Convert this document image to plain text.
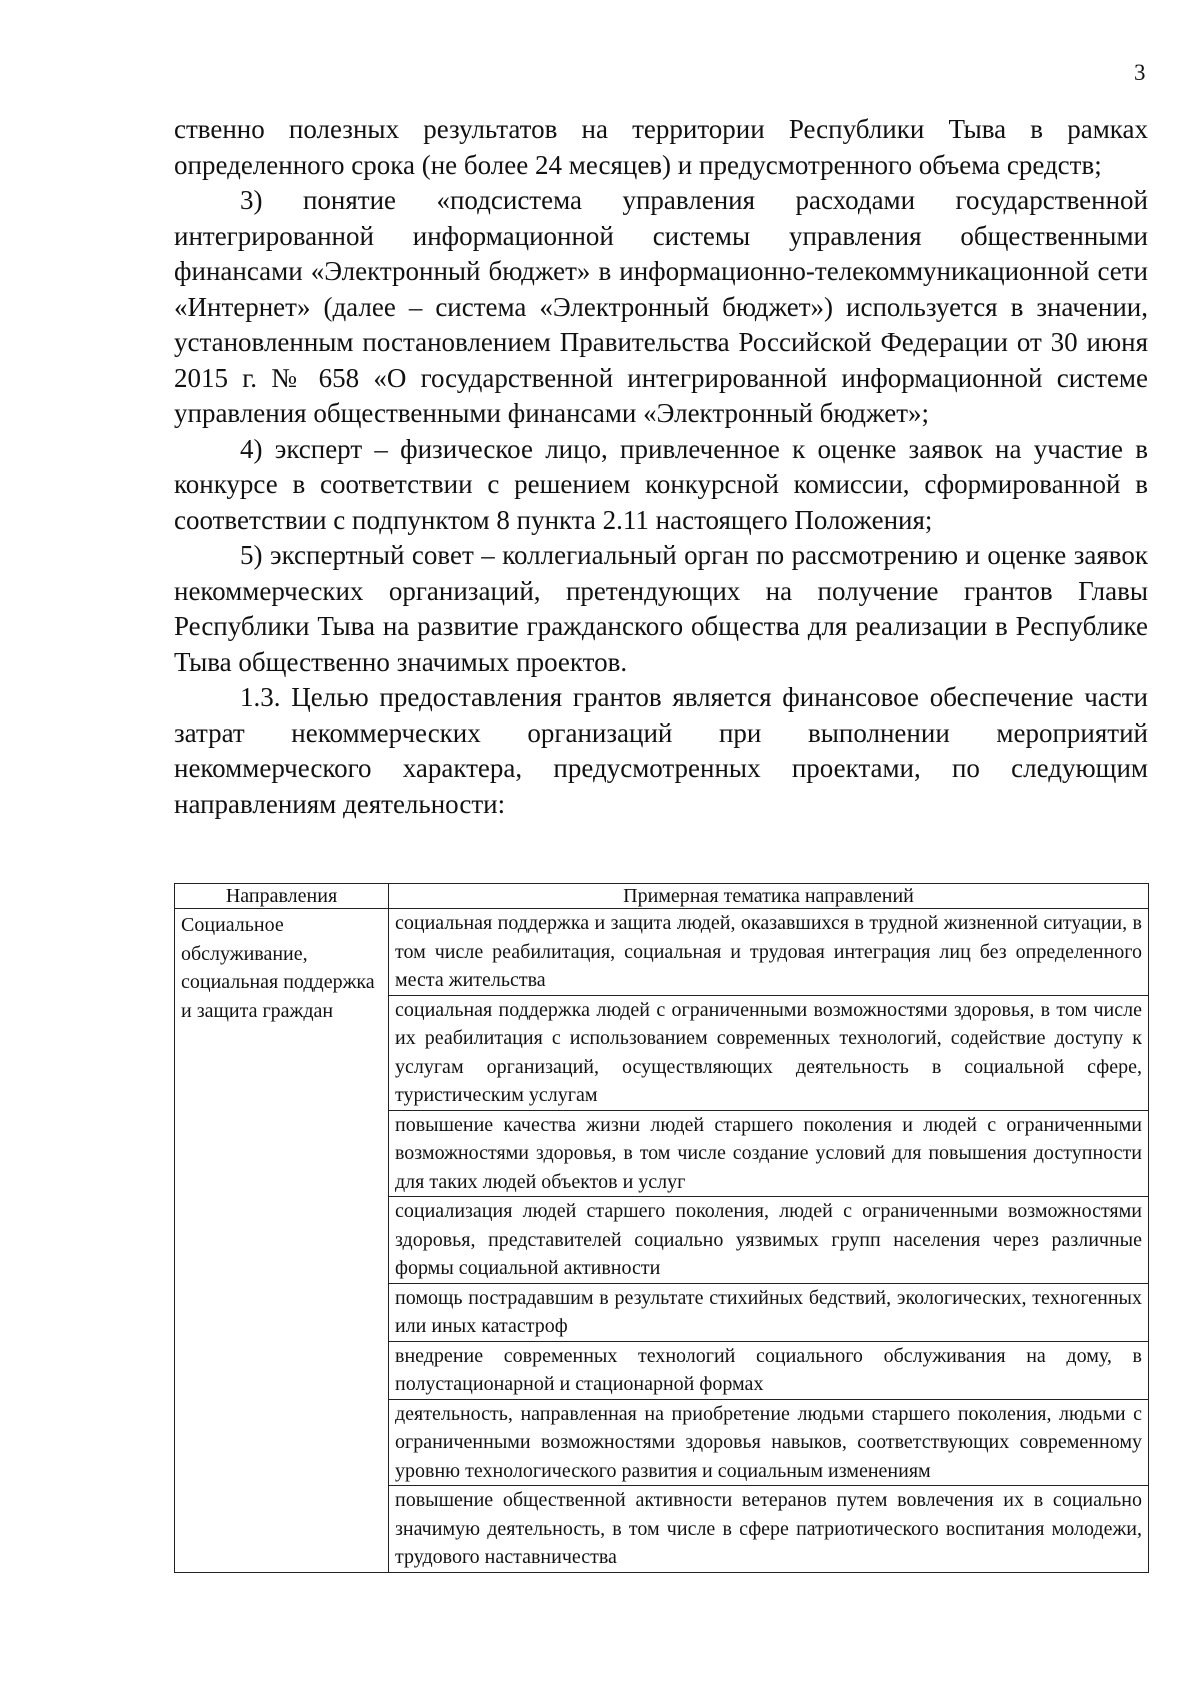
3

ственно полезных результатов на территории Республики Тыва в рамках определенного срока (не более 24 месяцев) и предусмотренного объема средств;

3) понятие «подсистема управления расходами государственной интегрированной информационной системы управления общественными финансами «Электронный бюджет» в информационно-телекоммуникационной сети «Интернет» (далее – система «Электронный бюджет») используется в значении, установленным постановлением Правительства Российской Федерации от 30 июня 2015 г. № 658 «О государственной интегрированной информационной системе управления общественными финансами «Электронный бюджет»;

4) эксперт – физическое лицо, привлеченное к оценке заявок на участие в конкурсе в соответствии с решением конкурсной комиссии, сформированной в соответствии с подпунктом 8 пункта 2.11 настоящего Положения;

5) экспертный совет – коллегиальный орган по рассмотрению и оценке заявок некоммерческих организаций, претендующих на получение грантов Главы Республики Тыва на развитие гражданского общества для реализации в Республике Тыва общественно значимых проектов.

1.3. Целью предоставления грантов является финансовое обеспечение части затрат некоммерческих организаций при выполнении мероприятий некоммерческого характера, предусмотренных проектами, по следующим направлениям деятельности:

Направления	Примерная тематика направлений
Социальное обслуживание, социальная поддержка и защита граждан	социальная поддержка и защита людей, оказавшихся в трудной жизненной ситуации, в том числе реабилитация, социальная и трудовая интеграция лиц без определенного места жительства
	социальная поддержка людей с ограниченными возможностями здоровья, в том числе их реабилитация с использованием современных технологий, содействие доступу к услугам организаций, осуществляющих деятельность в социальной сфере, туристическим услугам
	повышение качества жизни людей старшего поколения и людей с ограниченными возможностями здоровья, в том числе создание условий для повышения доступности для таких людей объектов и услуг
	социализация людей старшего поколения, людей с ограниченными возможностями здоровья, представителей социально уязвимых групп населения через различные формы социальной активности
	помощь пострадавшим в результате стихийных бедствий, экологических, техногенных или иных катастроф
	внедрение современных технологий социального обслуживания на дому, в полустационарной и стационарной формах
	деятельность, направленная на приобретение людьми старшего поколения, людьми с ограниченными возможностями здоровья навыков, соответствующих современному уровню технологического развития и социальным изменениям
	повышение общественной активности ветеранов путем вовлечения их в социально значимую деятельность, в том числе в сфере патриотического воспитания молодежи, трудового наставничества
